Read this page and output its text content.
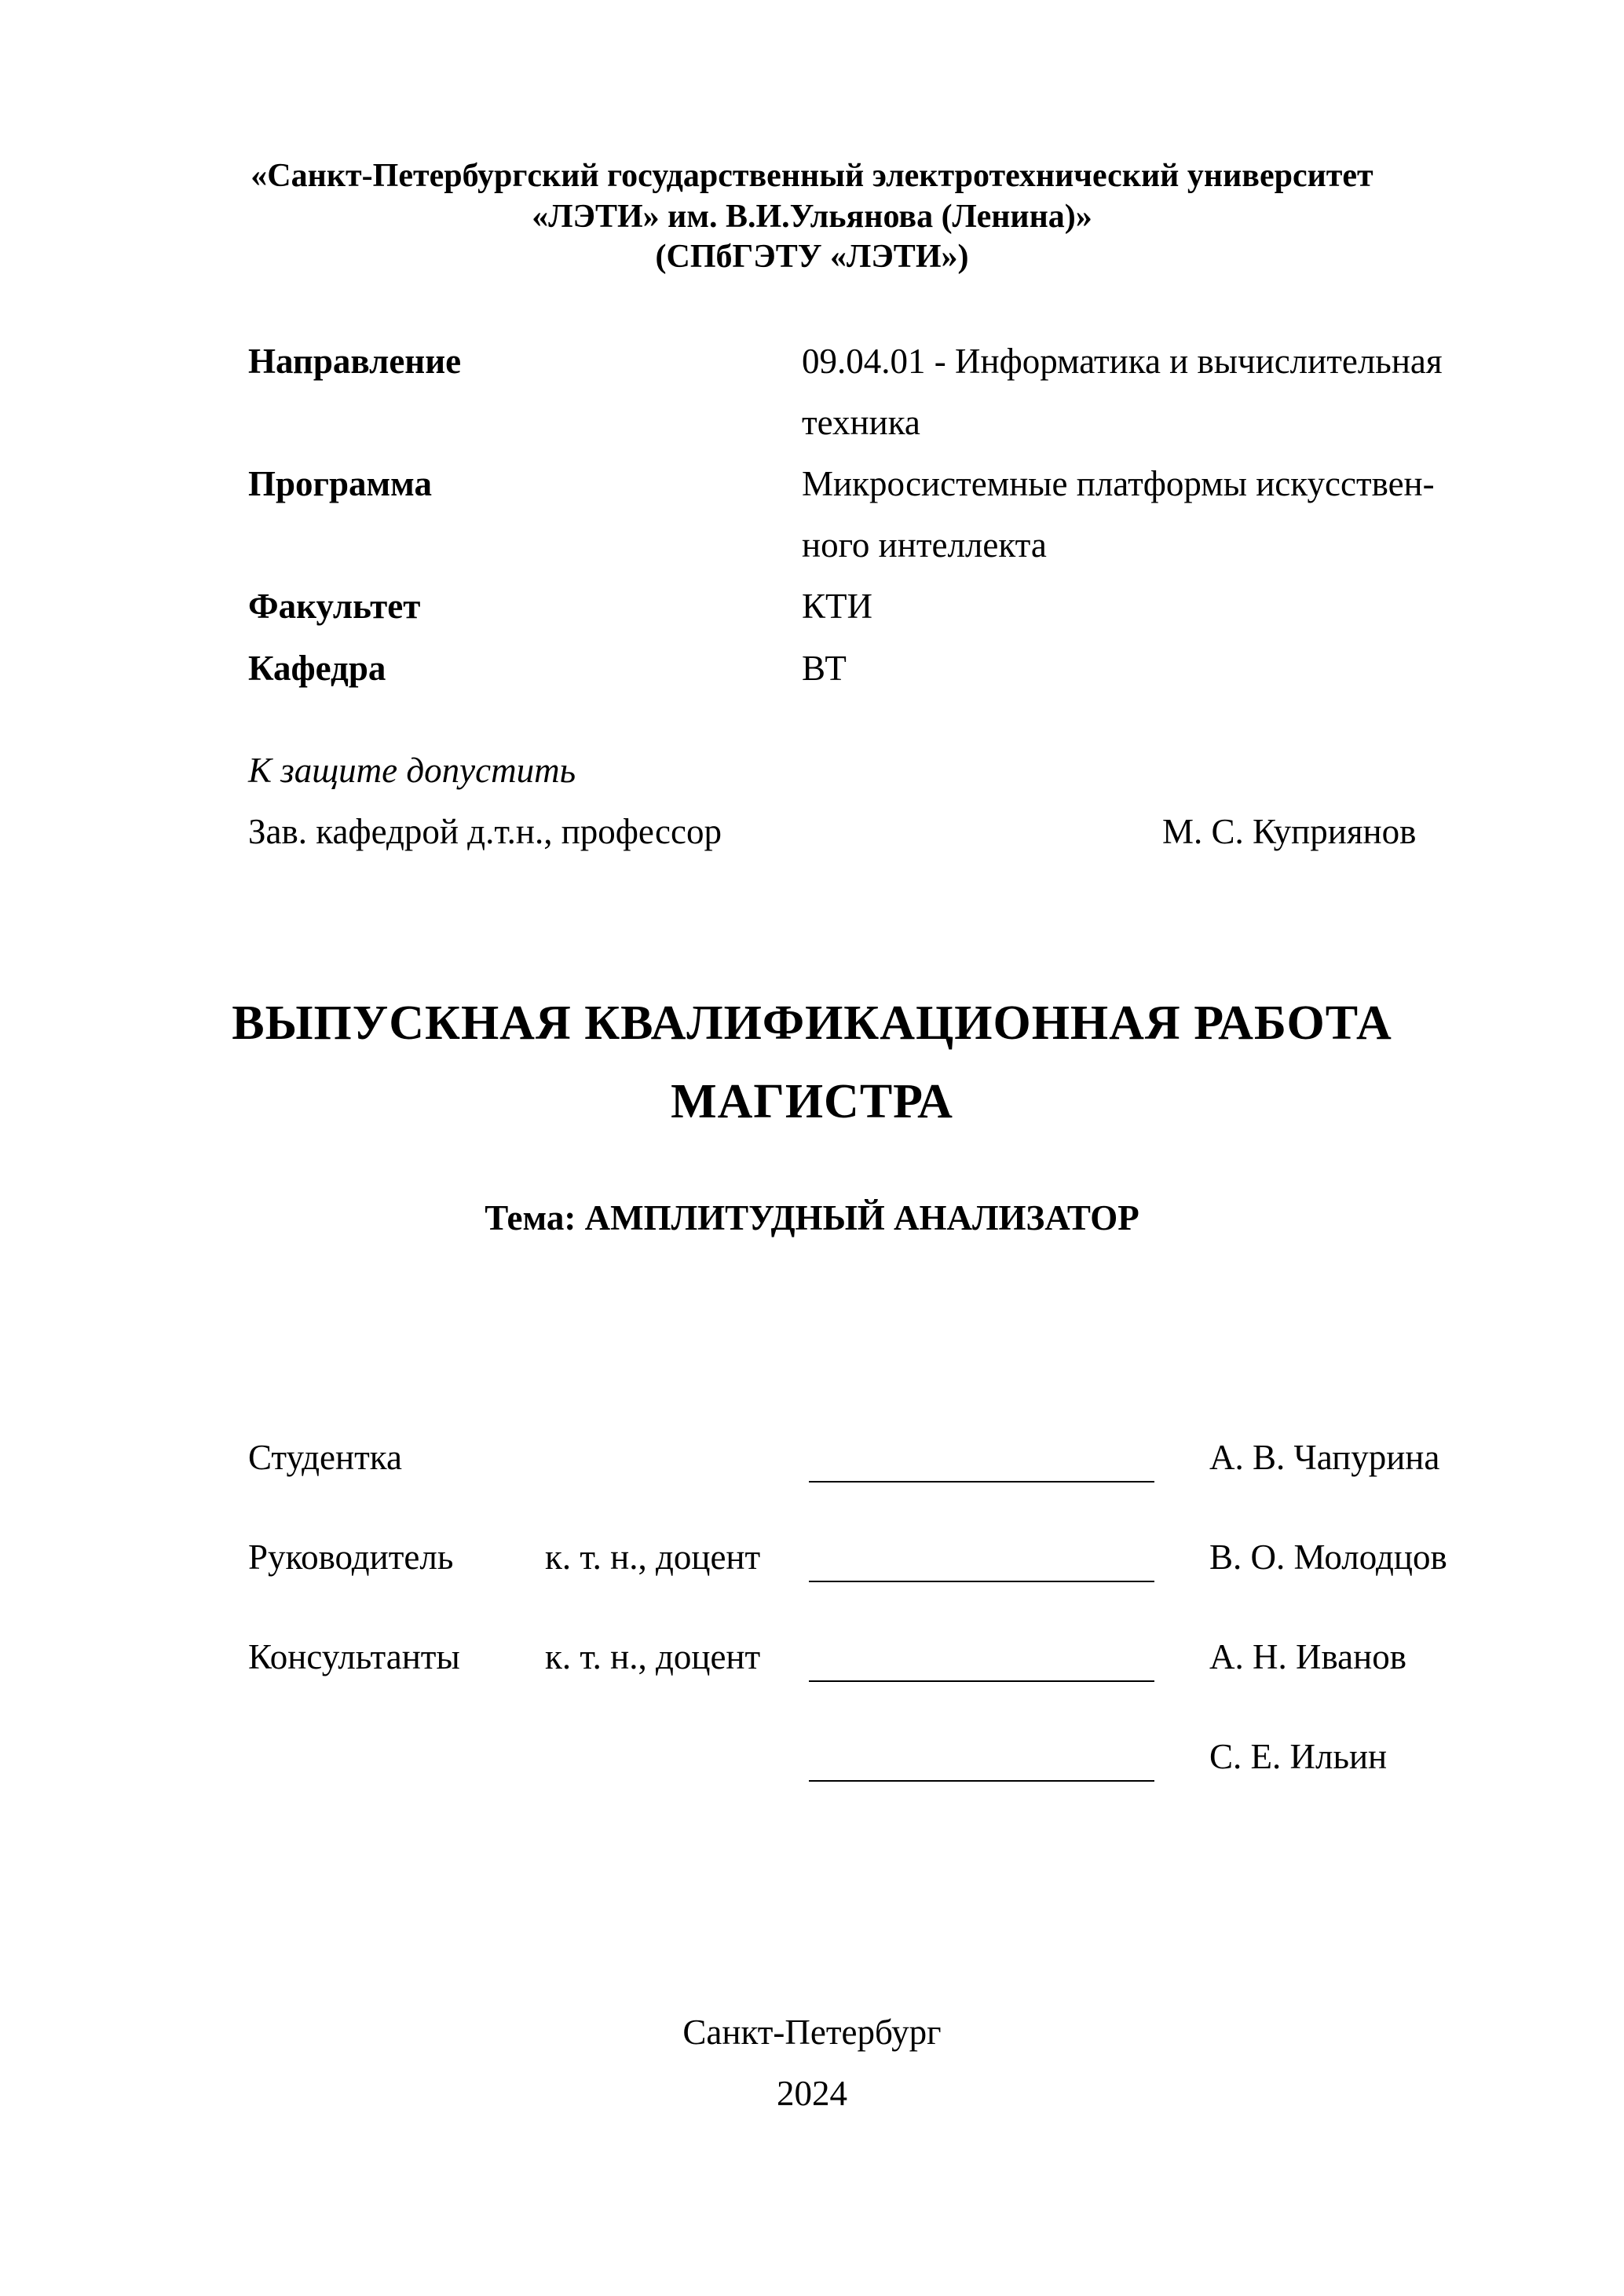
«Санкт-Петербургский государственный электротехнический университет
«ЛЭТИ» им. В.И.Ульянова (Ленина)»
(СПбГЭТУ «ЛЭТИ»)
Направление	09.04.01 - Информатика и вычислительная
техника
Программа	Микросистемные платформы искусствен-
ного интеллекта
Факультет	КТИ
Кафедра	ВТ
К защите допустить
Зав. кафедрой д.т.н., профессор	М. С. Куприянов
ВЫПУСКНАЯ КВАЛИФИКАЦИОННАЯ РАБОТА
МАГИСТРА
Тема: АМПЛИТУДНЫЙ АНАЛИЗАТОР
Студентка	А. В. Чапурина
Руководитель	к. т. н., доцент	В. О. Молодцов
Консультанты к. т. н., доцент	А. Н. Иванов
С. Е. Ильин
Санкт-Петербург
2024
